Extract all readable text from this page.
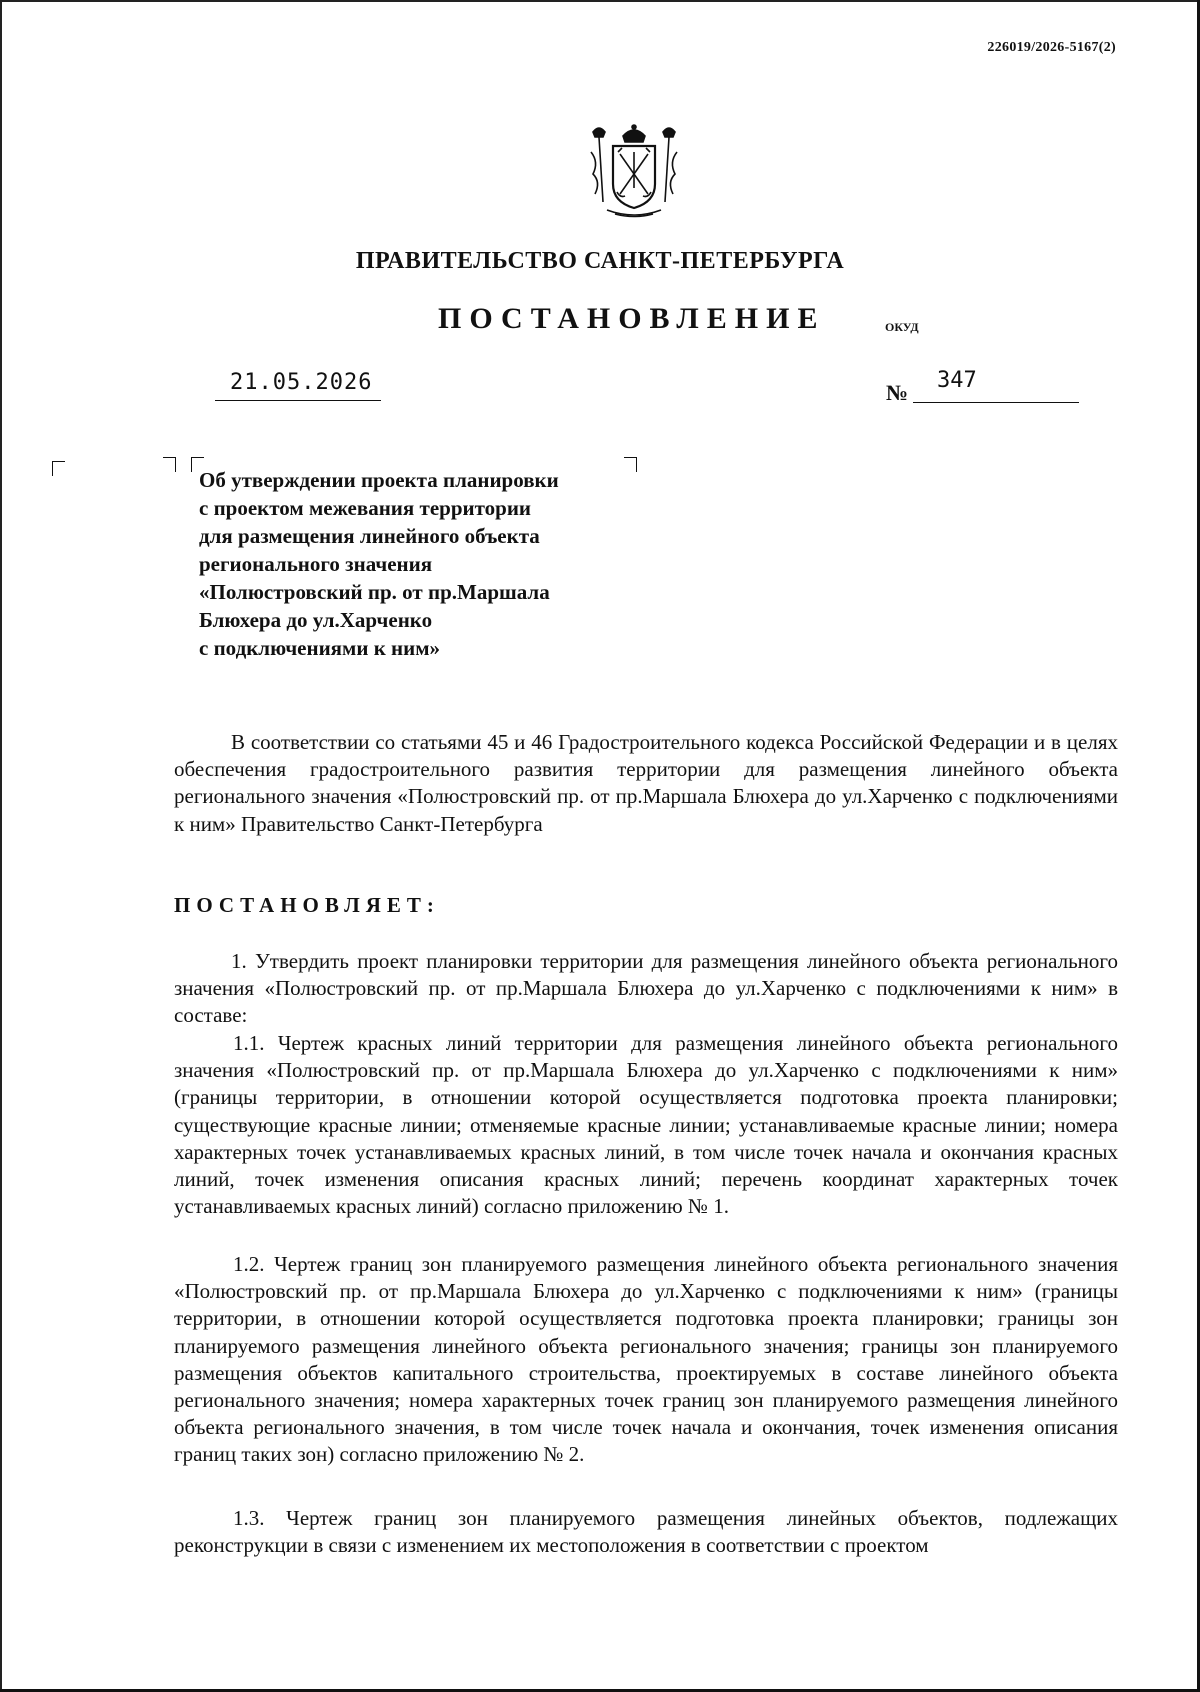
226019/2026-5167(2)
ПРАВИТЕЛЬСТВО САНКТ-ПЕТЕРБУРГА
ПОСТАНОВЛЕНИЕ	ОКУД
21.05.2026	№ 347
Об утверждении проекта планировки
с проектом межевания территории
для размещения линейного объекта
регионального значения
«Полюстровский пр. от пр.Маршала
Блюхера до ул.Харченко
с подключениями к ним»
В соответствии со статьями 45 и 46 Градостроительного кодекса Российской Федерации и в целях обеспечения градостроительного развития территории для размещения линейного объекта регионального значения «Полюстровский пр. от пр.Маршала Блюхера до ул.Харченко с подключениями к ним» Правительство Санкт-Петербурга
ПОСТАНОВЛЯЕТ:
1. Утвердить проект планировки территории для размещения линейного объекта регионального значения «Полюстровский пр. от пр.Маршала Блюхера до ул.Харченко с подключениями к ним» в составе:
1.1. Чертеж красных линий территории для размещения линейного объекта регионального значения «Полюстровский пр. от пр.Маршала Блюхера до ул.Харченко с подключениями к ним» (границы территории, в отношении которой осуществляется подготовка проекта планировки; существующие красные линии; отменяемые красные линии; устанавливаемые красные линии; номера характерных точек устанавливаемых красных линий, в том числе точек начала и окончания красных линий, точек изменения описания красных линий; перечень координат характерных точек устанавливаемых красных линий) согласно приложению № 1.
1.2. Чертеж границ зон планируемого размещения линейного объекта регионального значения «Полюстровский пр. от пр.Маршала Блюхера до ул.Харченко с подключениями к ним» (границы территории, в отношении которой осуществляется подготовка проекта планировки; границы зон планируемого размещения линейного объекта регионального значения; границы зон планируемого размещения объектов капитального строительства, проектируемых в составе линейного объекта регионального значения; номера характерных точек границ зон планируемого размещения линейного объекта регионального значения, в том числе точек начала и окончания, точек изменения описания границ таких зон) согласно приложению № 2.
1.3. Чертеж границ зон планируемого размещения линейных объектов, подлежащих реконструкции в связи с изменением их местоположения в соответствии с проектом
